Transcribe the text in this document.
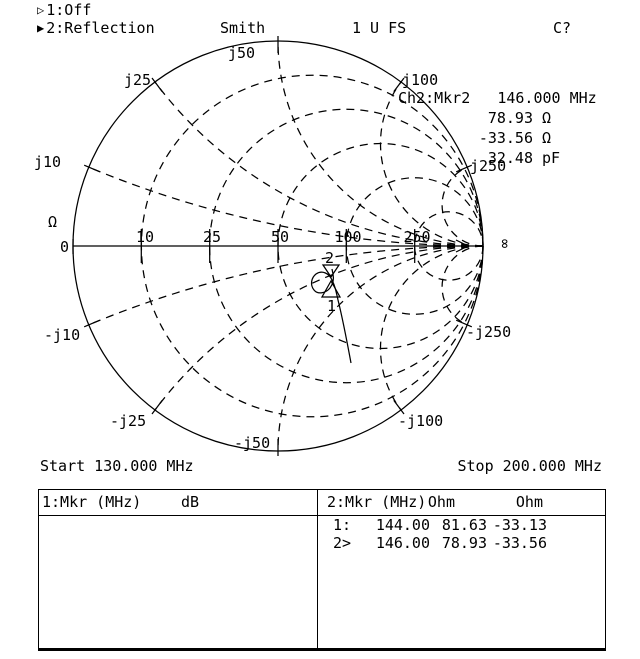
▷ 1:Off
▶ 2:Reflection	Smith	1 U FS	C?
0
10	25	50	100	250
j10
j25
j50
j100
j250
-j10
-j25
-j50
-j100
-j250
Ω
∞
2
1
Ch2:Mkr2   146.000 MHz
78.93 Ω
-33.56 Ω
32.48 pF
Start 130.000 MHz	Stop 200.000 MHz
1:Mkr (MHz)	dB	2:Mkr (MHz) Ohm	Ohm
1:	144.00 81.63 -33.13
2>	146.00 78.93 -33.56
